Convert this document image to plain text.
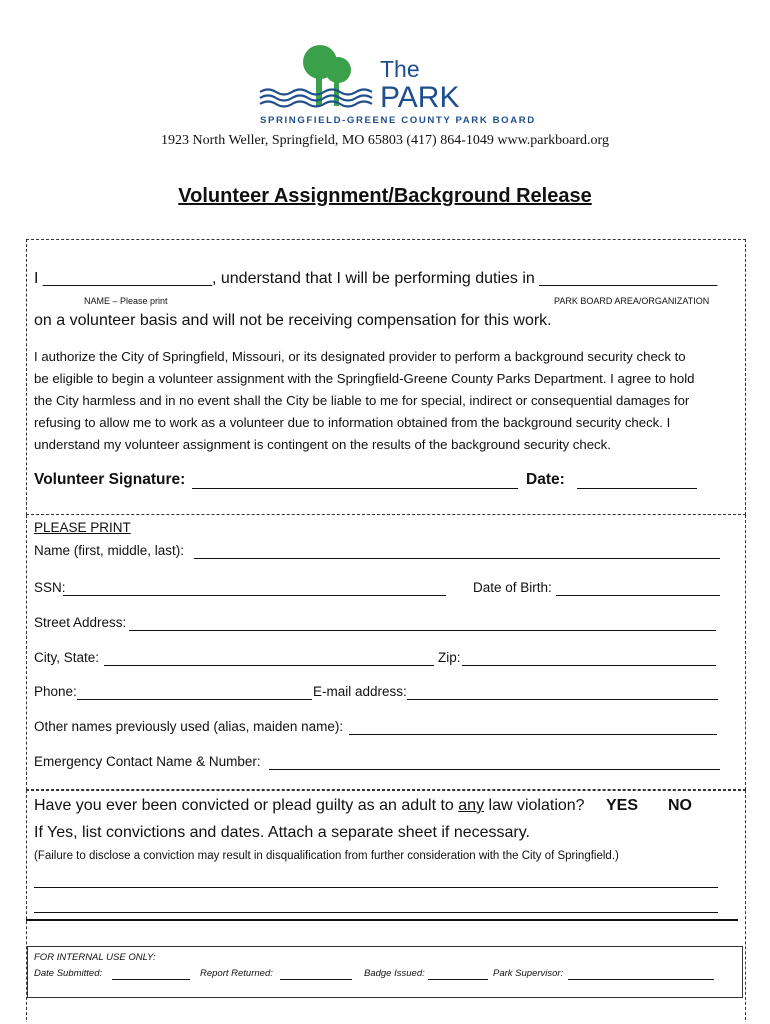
The
PARK
SPRINGFIELD-GREENE COUNTY PARK BOARD
1923 North Weller, Springfield, MO 65803 (417) 864-1049 www.parkboard.org
Volunteer Assignment/Background Release
I ___________________, understand that I will be performing duties in ____________________
NAME – Please print	PARK BOARD AREA/ORGANIZATION
on a volunteer basis and will not be receiving compensation for this work.
I authorize the City of Springfield, Missouri, or its designated provider to perform a background security check to
be eligible to begin a volunteer assignment with the Springfield-Greene County Parks Department. I agree to hold
the City harmless and in no event shall the City be liable to me for special, indirect or consequential damages for
refusing to allow me to work as a volunteer due to information obtained from the background security check. I
understand my volunteer assignment is contingent on the results of the background security check.
Volunteer Signature:	Date:
PLEASE PRINT
Name (first, middle, last):
SSN:	Date of Birth:
Street Address:
City, State:	Zip:
Phone:	E-mail address:
Other names previously used (alias, maiden name):
Emergency Contact Name & Number:
Have you ever been convicted or plead guilty as an adult to any law violation? YES NO
If Yes, list convictions and dates. Attach a separate sheet if necessary.
(Failure to disclose a conviction may result in disqualification from further consideration with the City of Springfield.)
FOR INTERNAL USE ONLY:
Date Submitted:	Report Returned:	Badge Issued:	Park Supervisor:
